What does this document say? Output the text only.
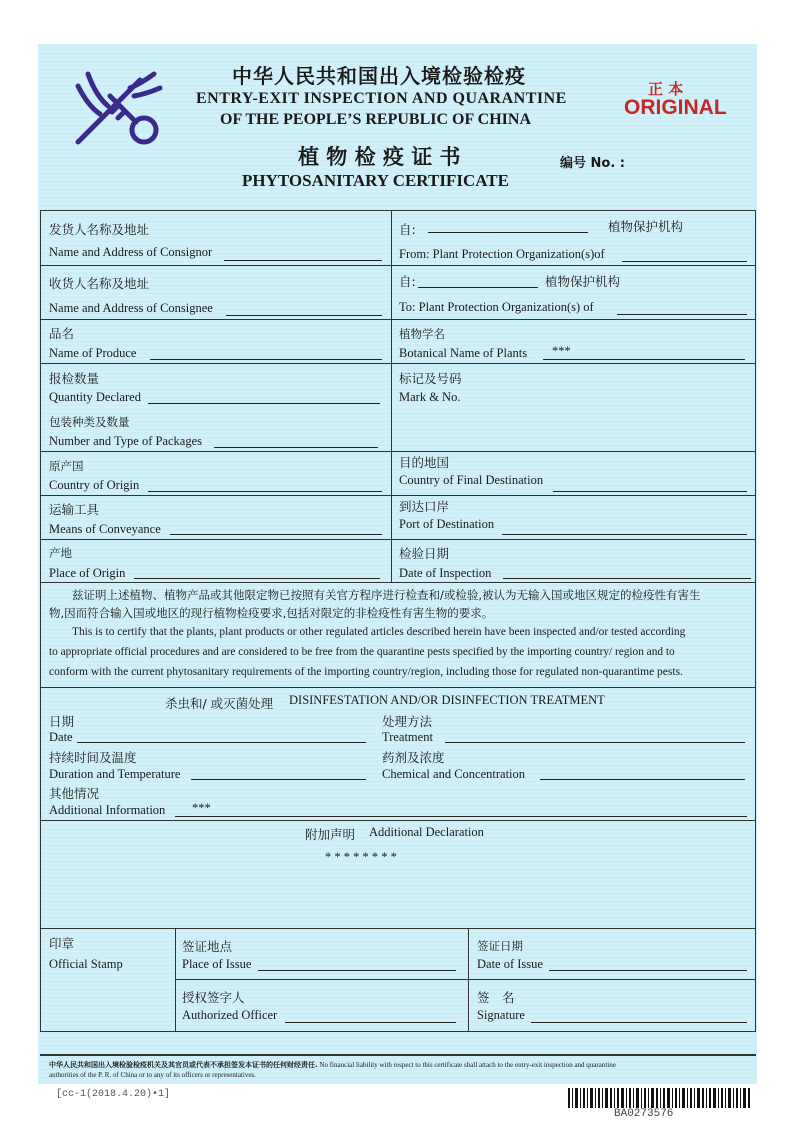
中华人民共和国出入境检验检疫
ENTRY-EXIT INSPECTION AND QUARANTINE
OF THE PEOPLE’S REPUBLIC OF CHINA
植 物 检 疫 证 书
PHYTOSANITARY CERTIFICATE
编号 No. :
正 本
ORIGINAL
发货人名称及地址
Name and Address of Consignor
自:	植物保护机构
From: Plant Protection Organization(s)of
收货人名称及地址
Name and Address of Consignee
自:	植物保护机构
To: Plant Protection Organization(s) of
品名
Name of Produce
植物学名
Botanical Name of Plants ***
报检数量
Quantity Declared
标记及号码
Mark & No.
包装种类及数量
Number and Type of Packages
原产国
Country of Origin
目的地国
Country of Final Destination
运输工具
Means of Conveyance
到达口岸
Port of Destination
产地
Place of Origin
检验日期
Date of Inspection
兹证明上述植物、植物产品或其他限定物已按照有关官方程序进行检查和/或检验,被认为无输入国或地区规定的检疫性有害生
物,因而符合输入国或地区的现行植物检疫要求,包括对限定的非检疫性有害生物的要求。
This is to certify that the plants, plant products or other regulated articles described herein have been inspected and/or tested according
to appropriate official procedures and are considered to be free from the quarantine pests specified by the importing country/ region and to
conform with the current phytosanitary requirements of the importing country/region, including those for regulated non-quarantime pests.
杀虫和/ 或灭菌处理 DISINFESTATION AND/OR DISINFECTION TREATMENT
日期
Date
处理方法
Treatment
持续时间及温度
Duration and Temperature
药剂及浓度
Chemical and Concentration
其他情况
Additional Information ***
附加声明 Additional Declaration
* * * * * * * *
印章
Official Stamp
签证地点
Place of Issue
签证日期
Date of Issue
授权签字人
Authorized Officer
签　名
Signature
中华人民共和国出入境检验检疫机关及其官员或代表不承担签发本证书的任何财经责任. No financial liability with respect to this certificate shall attach to the entry-exit inspection and quarantine
authorities of the P. R. of China or to any of its officers or representatives.
[cc-1(2018.4.20)•1]
BA0273576
